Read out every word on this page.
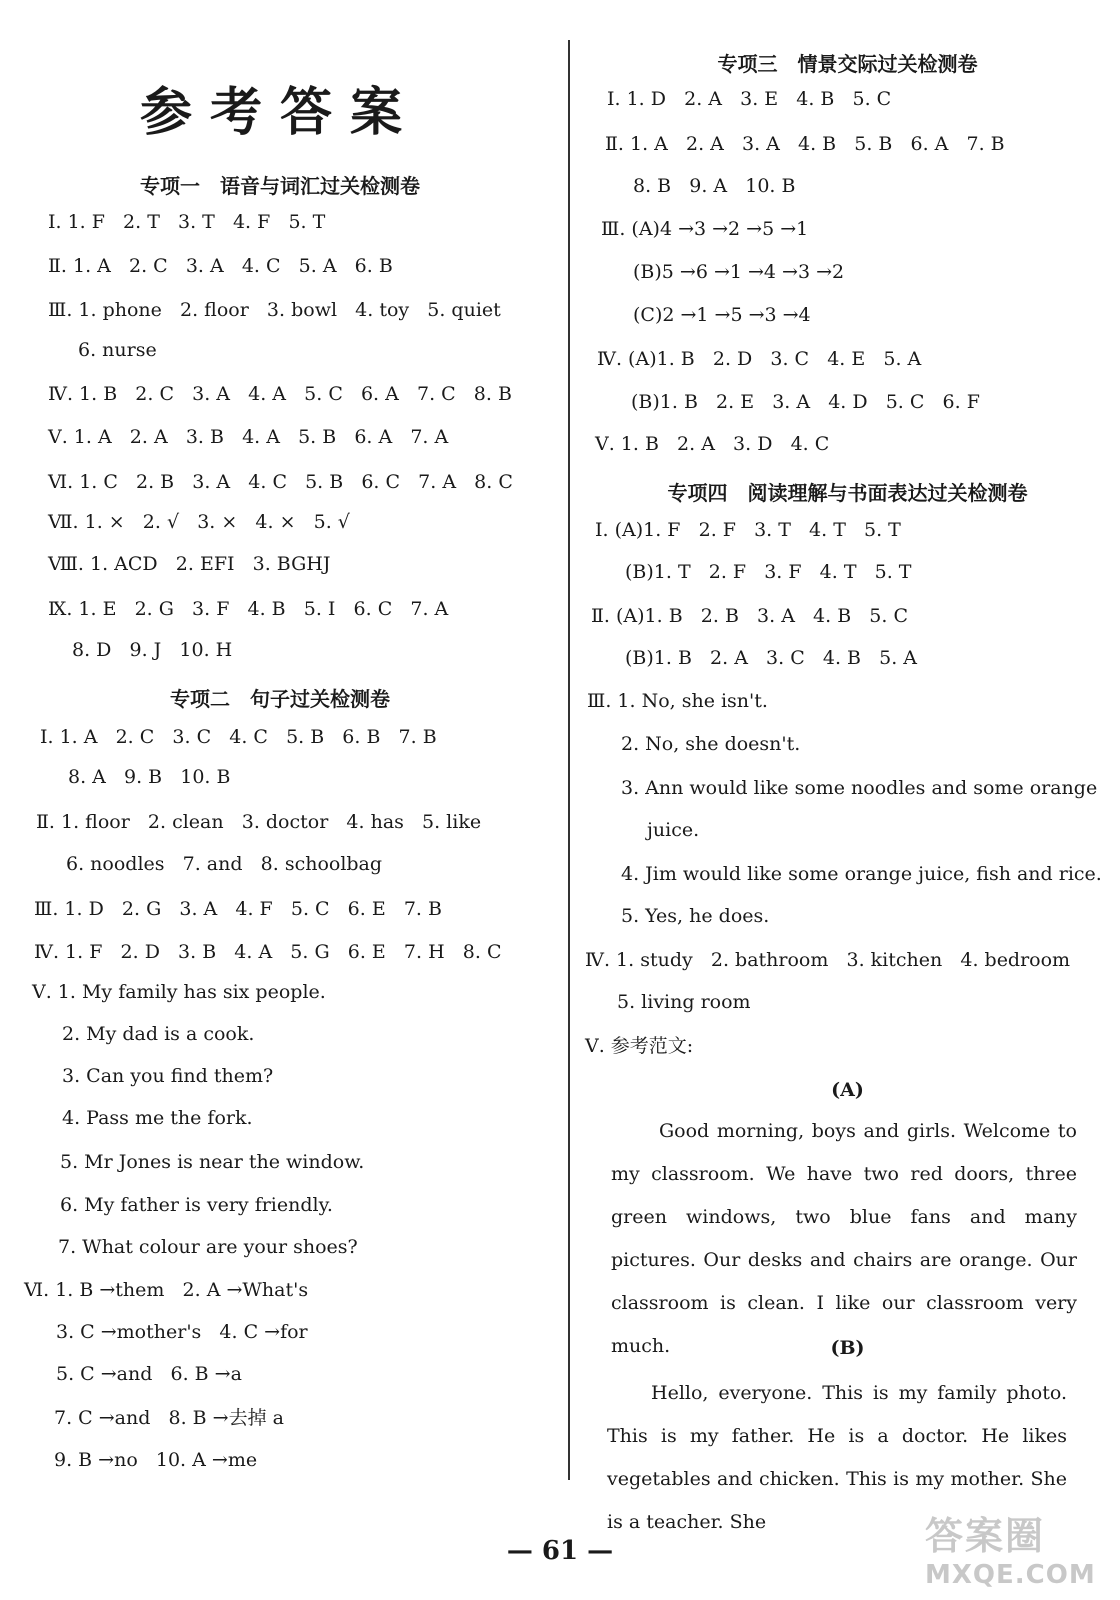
参考答案
专项一　语音与词汇过关检测卷
Ⅰ. 1. F   2. T   3. T   4. F   5. T
Ⅱ. 1. A   2. C   3. A   4. C   5. A   6. B
Ⅲ. 1. phone   2. floor   3. bowl   4. toy   5. quiet
6. nurse
Ⅳ. 1. B   2. C   3. A   4. A   5. C   6. A   7. C   8. B
Ⅴ. 1. A   2. A   3. B   4. A   5. B   6. A   7. A
Ⅵ. 1. C   2. B   3. A   4. C   5. B   6. C   7. A   8. C
Ⅶ. 1. ×   2. √   3. ×   4. ×   5. √
Ⅷ. 1. ACD   2. EFI   3. BGHJ
Ⅸ. 1. E   2. G   3. F   4. B   5. I   6. C   7. A
8. D   9. J   10. H
专项二　句子过关检测卷
Ⅰ. 1. A   2. C   3. C   4. C   5. B   6. B   7. B
8. A   9. B   10. B
Ⅱ. 1. floor   2. clean   3. doctor   4. has   5. like
6. noodles   7. and   8. schoolbag
Ⅲ. 1. D   2. G   3. A   4. F   5. C   6. E   7. B
Ⅳ. 1. F   2. D   3. B   4. A   5. G   6. E   7. H   8. C
Ⅴ. 1. My family has six people.
2. My dad is a cook.
3. Can you find them?
4. Pass me the fork.
5. Mr Jones is near the window.
6. My father is very friendly.
7. What colour are your shoes?
Ⅵ. 1. B →them   2. A →What's
3. C →mother's   4. C →for
5. C →and   6. B →a
7. C →and   8. B →去掉 a
9. B →no   10. A →me
专项三　情景交际过关检测卷
Ⅰ. 1. D   2. A   3. E   4. B   5. C
Ⅱ. 1. A   2. A   3. A   4. B   5. B   6. A   7. B
8. B   9. A   10. B
Ⅲ. (A)4 →3 →2 →5 →1
(B)5 →6 →1 →4 →3 →2
(C)2 →1 →5 →3 →4
Ⅳ. (A)1. B   2. D   3. C   4. E   5. A
(B)1. B   2. E   3. A   4. D   5. C   6. F
Ⅴ. 1. B   2. A   3. D   4. C
专项四　阅读理解与书面表达过关检测卷
Ⅰ. (A)1. F   2. F   3. T   4. T   5. T
(B)1. T   2. F   3. F   4. T   5. T
Ⅱ. (A)1. B   2. B   3. A   4. B   5. C
(B)1. B   2. A   3. C   4. B   5. A
Ⅲ. 1. No, she isn't.
2. No, she doesn't.
3. Ann would like some noodles and some orange
juice.
4. Jim would like some orange juice, fish and rice.
5. Yes, he does.
Ⅳ. 1. study   2. bathroom   3. kitchen   4. bedroom
5. living room
Ⅴ. 参考范文:
(A)
Good morning, boys and girls. Welcome to my classroom. We have two red doors, three green windows, two blue fans and many pictures. Our desks and chairs are orange. Our classroom is clean. I like our classroom very much.	(B)
Hello, everyone. This is my family photo. This is my father. He is a doctor. He likes vegetables and chicken. This is my mother. She is a teacher. She
— 61 —	答案圈
MXQE.COM
